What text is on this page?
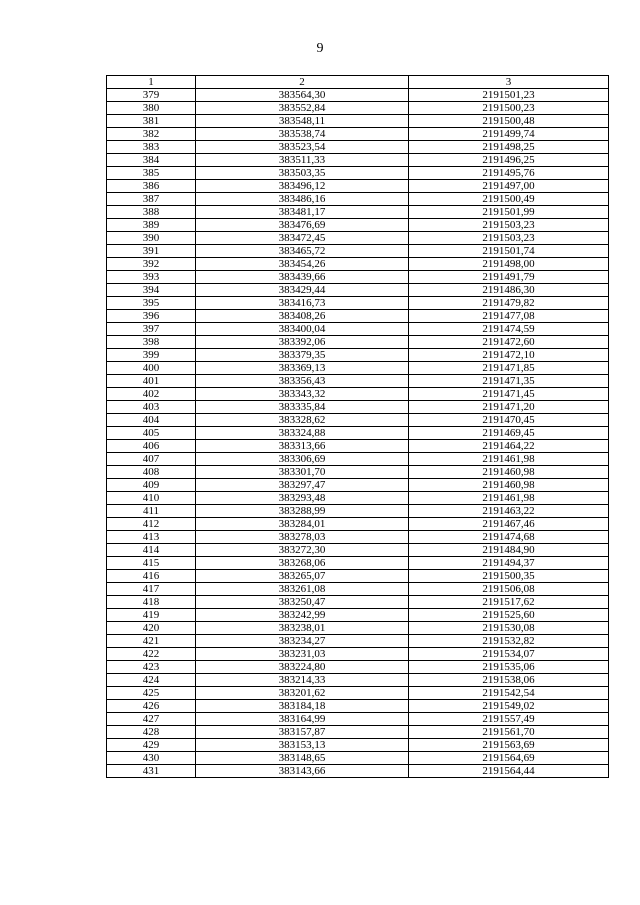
9
1	2	3
379	383564,30	2191501,23
380	383552,84	2191500,23
381	383548,11	2191500,48
382	383538,74	2191499,74
383	383523,54	2191498,25
384	383511,33	2191496,25
385	383503,35	2191495,76
386	383496,12	2191497,00
387	383486,16	2191500,49
388	383481,17	2191501,99
389	383476,69	2191503,23
390	383472,45	2191503,23
391	383465,72	2191501,74
392	383454,26	2191498,00
393	383439,66	2191491,79
394	383429,44	2191486,30
395	383416,73	2191479,82
396	383408,26	2191477,08
397	383400,04	2191474,59
398	383392,06	2191472,60
399	383379,35	2191472,10
400	383369,13	2191471,85
401	383356,43	2191471,35
402	383343,32	2191471,45
403	383335,84	2191471,20
404	383328,62	2191470,45
405	383324,88	2191469,45
406	383313,66	2191464,22
407	383306,69	2191461,98
408	383301,70	2191460,98
409	383297,47	2191460,98
410	383293,48	2191461,98
411	383288,99	2191463,22
412	383284,01	2191467,46
413	383278,03	2191474,68
414	383272,30	2191484,90
415	383268,06	2191494,37
416	383265,07	2191500,35
417	383261,08	2191506,08
418	383250,47	2191517,62
419	383242,99	2191525,60
420	383238,01	2191530,08
421	383234,27	2191532,82
422	383231,03	2191534,07
423	383224,80	2191535,06
424	383214,33	2191538,06
425	383201,62	2191542,54
426	383184,18	2191549,02
427	383164,99	2191557,49
428	383157,87	2191561,70
429	383153,13	2191563,69
430	383148,65	2191564,69
431	383143,66	2191564,44
